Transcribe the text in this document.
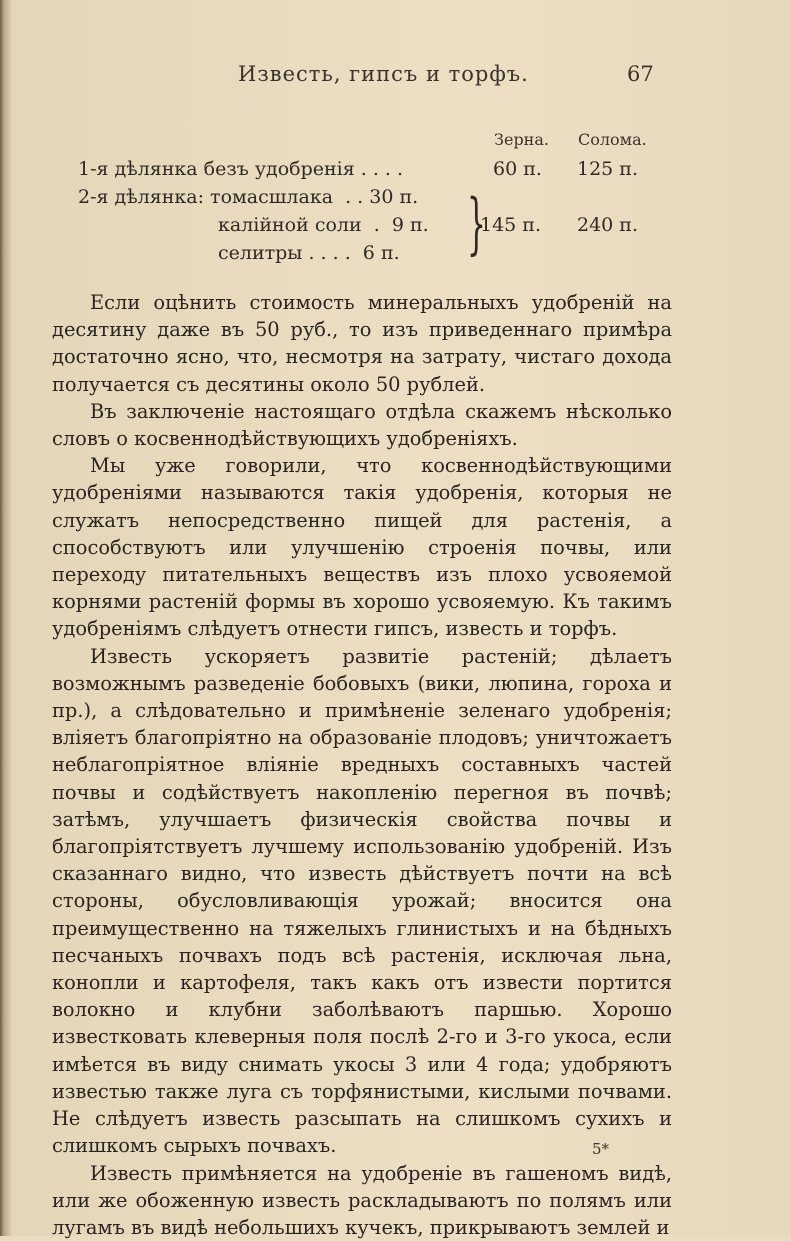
Известь, гипсъ и торфъ.	67
Зерна. Солома.
1-я дѣлянка безъ удобренія . . . .	60 п. 125 п.
2-я дѣлянка: томасшлака  . . 30 п.
калійной соли  .  9 п.
селитры . . . .  6 п. }
145 п. 240 п.

Если оцѣнить стоимость минеральныхъ удобреній на десятину даже въ 50 руб., то изъ приведеннаго примѣра достаточно ясно, что, несмотря на затрату, чистаго дохода получается съ десятины около 50 рублей.

Въ заключеніе настоящаго отдѣла скажемъ нѣсколько словъ о косвеннодѣйствующихъ удобреніяхъ.

Мы уже говорили, что косвеннодѣйствующими удобреніями называются такія удобренія, которыя не служатъ непосредственно пищей для растенія, а способствуютъ или улучшенію строенія почвы, или переходу питательныхъ веществъ изъ плохо усвояемой корнями растеній формы въ хорошо усвояемую. Къ такимъ удобреніямъ слѣдуетъ отнести гипсъ, известь и торфъ.

Известь ускоряетъ развитіе растеній; дѣлаетъ возможнымъ разведеніе бобовыхъ (вики, люпина, гороха и пр.), а слѣдовательно и примѣненіе зеленаго удобренія; вліяетъ благопріятно на образованіе плодовъ; уничтожаетъ неблагопріятное вліяніе вредныхъ составныхъ частей почвы и содѣйствуетъ накопленію перегноя въ почвѣ; затѣмъ, улучшаетъ физическія свойства почвы и благопріятствуетъ лучшему использованію удобреній. Изъ сказаннаго видно, что известь дѣйствуетъ почти на всѣ стороны, обусловливающія урожай; вносится она преимущественно на тяжелыхъ глинистыхъ и на бѣдныхъ песчаныхъ почвахъ подъ всѣ растенія, исключая льна, конопли и картофеля, такъ какъ отъ извести портится волокно и клубни заболѣваютъ паршью. Хорошо известковать клеверныя поля послѣ 2-го и 3-го укоса, если имѣется въ виду снимать укосы 3 или 4 года; удобряютъ известью также луга съ торфянистыми, кислыми почвами. Не слѣдуетъ известь разсыпать на слишкомъ сухихъ и слишкомъ сырыхъ почвахъ.

Известь примѣняется на удобреніе въ гашеномъ видѣ, или же обоженную известь раскладываютъ по полямъ или лугамъ въ видѣ небольшихъ кучекъ, прикрываютъ землей и

5*
